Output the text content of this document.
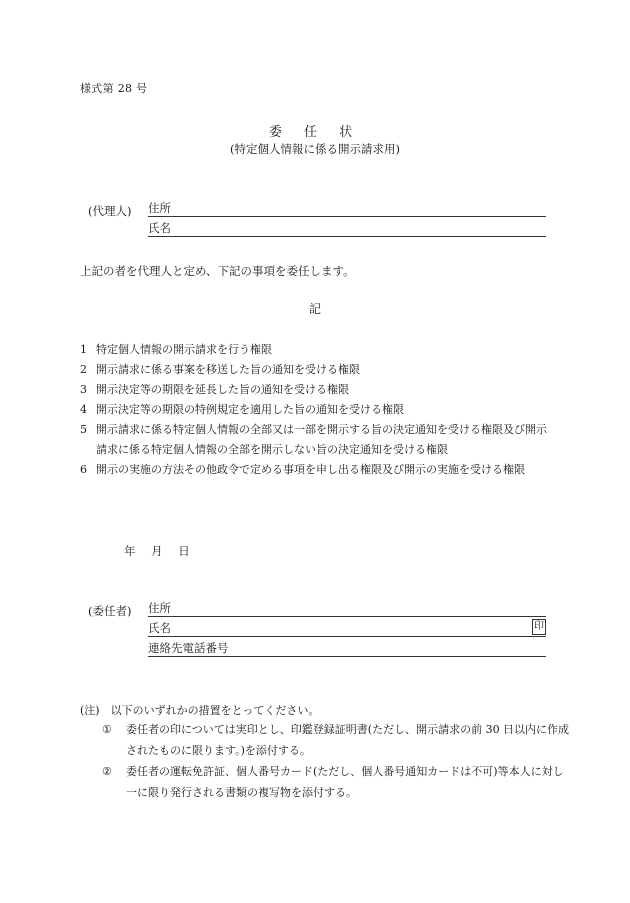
様式第 28 号
委 任 状
(特定個人情報に係る開示請求用)
(代理人) 住所
氏名
上記の者を代理人と定め、下記の事項を委任します。
記
1 特定個人情報の開示請求を行う権限
2 開示請求に係る事案を移送した旨の通知を受ける権限
3 開示決定等の期限を延長した旨の通知を受ける権限
4 開示決定等の期限の特例規定を適用した旨の通知を受ける権限
5 開示請求に係る特定個人情報の全部又は一部を開示する旨の決定通知を受ける権限及び開示請求に係る特定個人情報の全部を開示しない旨の決定通知を受ける権限
6 開示の実施の方法その他政令で定める事項を申し出る権限及び開示の実施を受ける権限
年 月 日
(委任者) 住所
氏名	印
連絡先電話番号
(注)　以下のいずれかの措置をとってください。
① 委任者の印については実印とし、印鑑登録証明書(ただし、開示請求の前 30 日以内に作成されたものに限ります。)を添付する。
② 委任者の運転免許証、個人番号カード(ただし、個人番号通知カードは不可)等本人に対し一に限り発行される書類の複写物を添付する。
